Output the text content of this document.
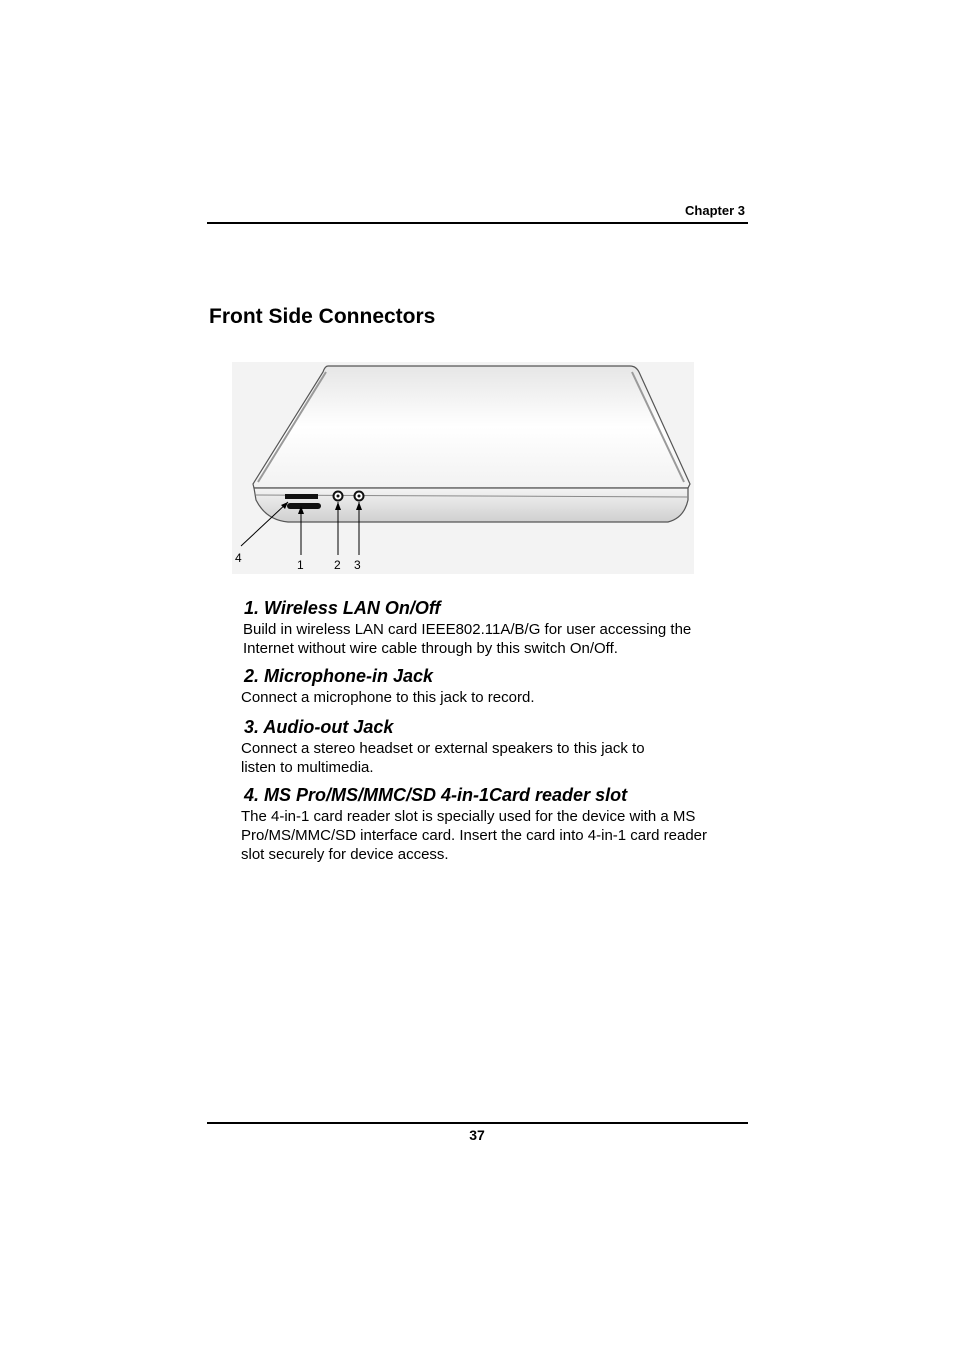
Chapter 3
Front Side Connectors
4	1	2 3
1. Wireless LAN On/Off

Build in wireless LAN card IEEE802.11A/B/G for user accessing the

Internet without wire cable through by this switch On/Off.

2. Microphone-in Jack

Connect a microphone to this jack to record.

3. Audio-out Jack

Connect a stereo headset or external speakers to this jack to

listen to multimedia.

4. MS Pro/MS/MMC/SD 4-in-1Card reader slot

The 4-in-1 card reader slot is specially used for the device with a MS

Pro/MS/MMC/SD interface card. Insert the card into 4-in-1 card reader

slot securely for device access.

37
